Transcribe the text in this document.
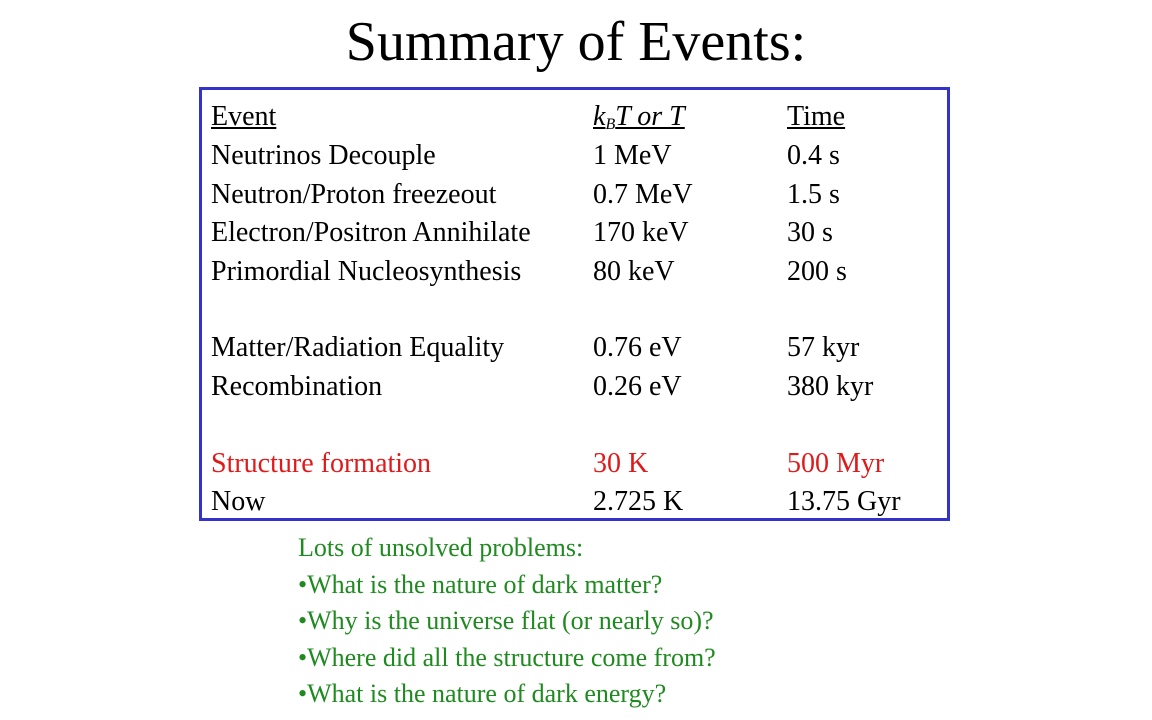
Summary of Events:
Event	$k_BT$ or T	Time
Neutrinos Decouple	1 MeV	0.4 s
Neutron/Proton freezeout	0.7 MeV	1.5 s
Electron/Positron Annihilate 170 keV	30 s
Primordial Nucleosynthesis	80 keV	200 s
Matter/Radiation Equality	0.76 eV	57 kyr
Recombination	0.26 eV	380 kyr
Structure formation	30 K	500 Myr
Now	2.725 K	13.75 Gyr
Lots of unsolved problems:
•What is the nature of dark matter?
•Why is the universe flat (or nearly so)?
•Where did all the structure come from?
•What is the nature of dark energy?
